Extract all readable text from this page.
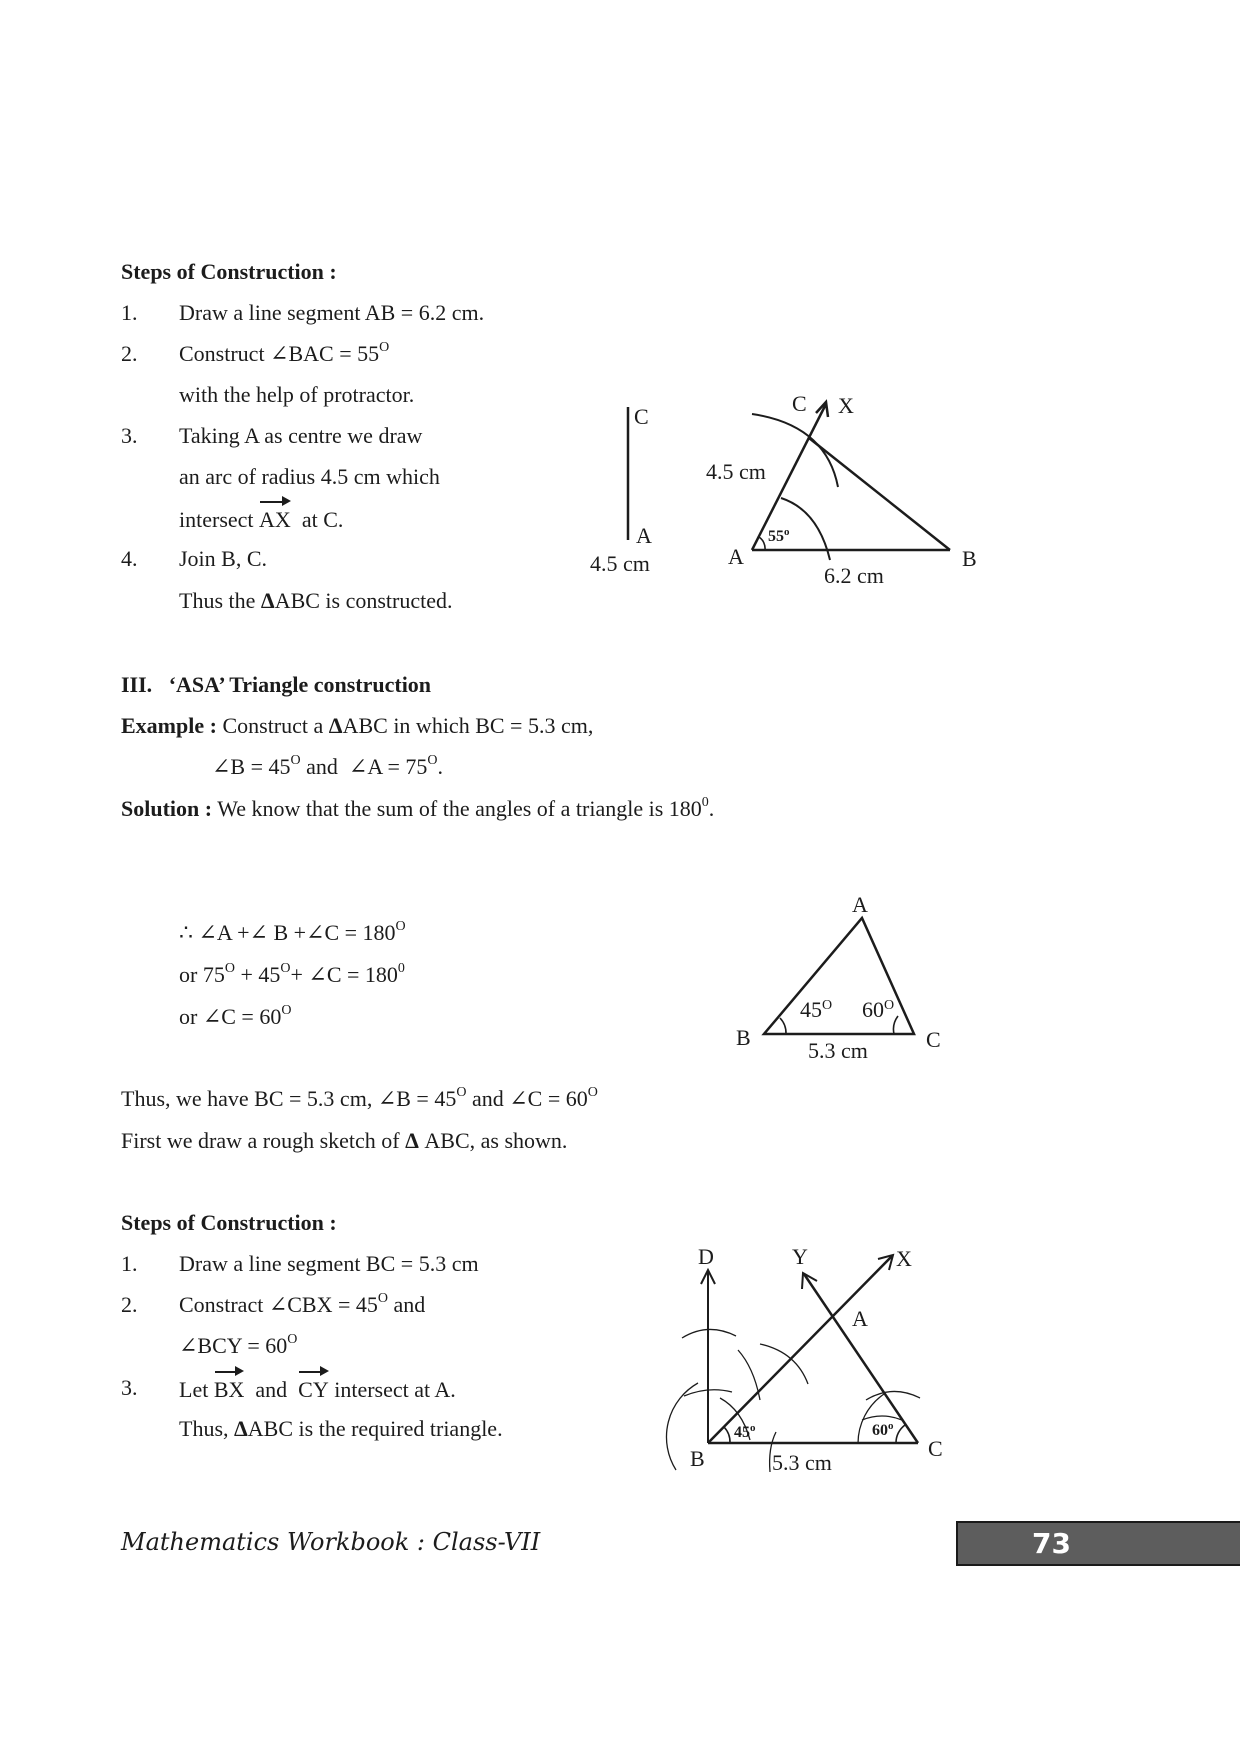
Steps of Construction :
1. Draw a line segment AB = 6.2 cm.
2. Construct ∠BAC = $55^O$
with the help of protractor.
3. Taking A as centre we draw
an arc of radius 4.5 cm which
intersect AX at C.
4. Join B, C.
Thus the ΔABC is constructed.
C
A
4.5 cm
C X
4.5 cm
55$^o$
A	B
6.2 cm
III. ‘ASA’ Triangle construction
Example : Construct a ΔABC in which BC = 5.3 cm,
∠B = $45^O$ and  ∠A = $75^O$.
Solution : We know that the sum of the angles of a triangle is $180^0$.
∴ ∠A +∠ B +∠C = $180^O$
or $75^O + 45^O+$ ∠C = $180^0$
or ∠C = $60^O$
A
B	C
$45^O$ $60^O$
5.3 cm
Thus, we have BC = 5.3 cm, ∠B = $45^O$ and ∠C = $60^O$
First we draw a rough sketch of Δ ABC, as shown.
Steps of Construction :
1. Draw a line segment BC = 5.3 cm
2. Constract ∠CBX = $45^O$ and
∠BCY = $60^O$
3. Let BX  and  CY intersect at A.
Thus, ΔABC is the required triangle.
D	Y	X
A
B	C
45$^o$	60$^o$
5.3 cm
Mathematics Workbook : Class-VII	73
